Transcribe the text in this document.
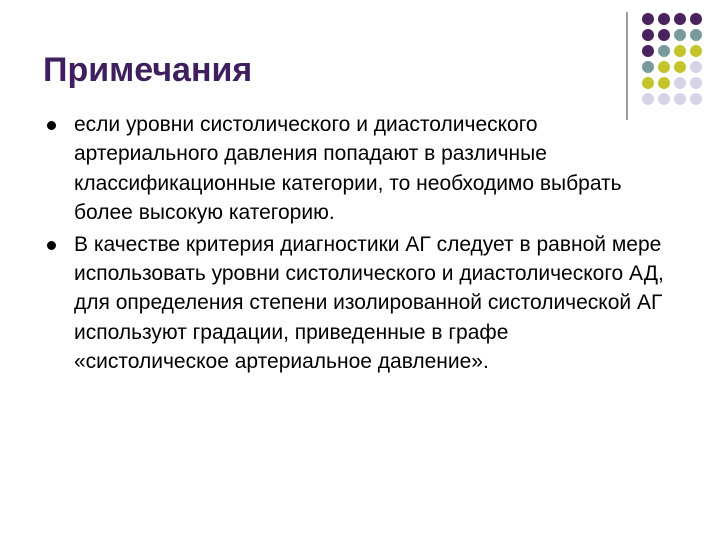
Примечания
если уровни систолического и диастолического артериального давления попадают в различные классификационные категории, то необходимо выбрать более высокую категорию.
В качестве критерия диагностики АГ следует в равной мере использовать уровни систолического и диастолического АД, для определения степени изолированной систолической АГ используют градации, приведенные в графе «систолическое артериальное давление».
